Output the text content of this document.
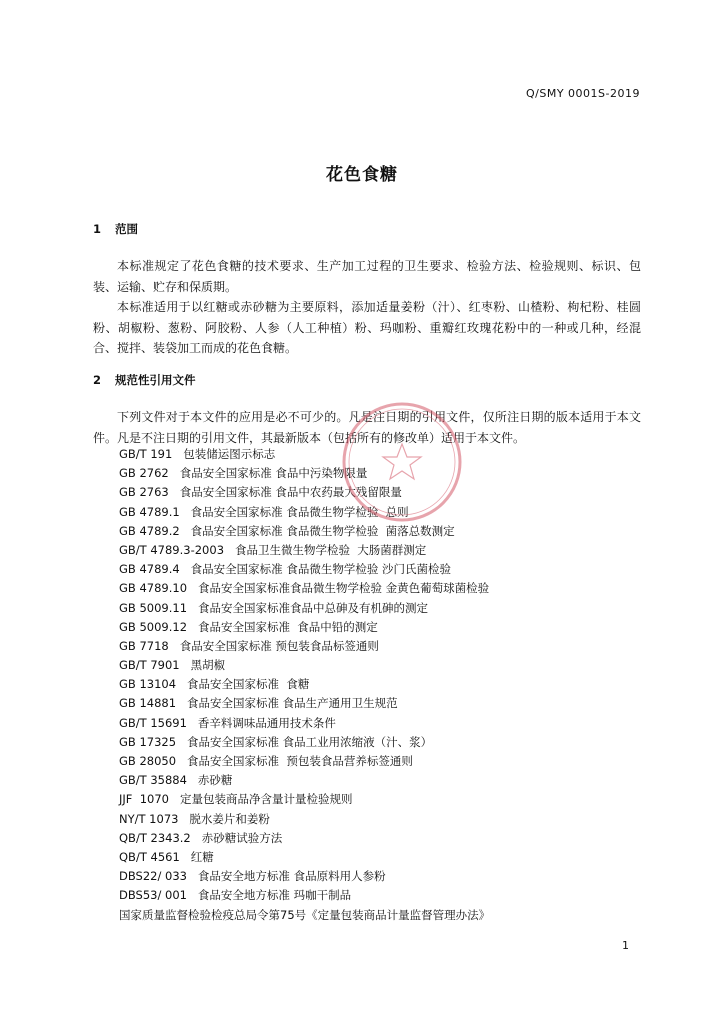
Q/SMY 0001S-2019
花色食糖
1 范围
本标准规定了花色食糖的技术要求、生产加工过程的卫生要求、检验方法、检验规则、标识、包装、运输、贮存和保质期。
本标准适用于以红糖或赤砂糖为主要原料，添加适量姜粉（汁）、红枣粉、山楂粉、枸杞粉、桂圆粉、胡椒粉、葱粉、阿胶粉、人参（人工种植）粉、玛咖粉、重瓣红玫瑰花粉中的一种或几种，经混合、搅拌、装袋加工而成的花色食糖。
2 规范性引用文件
下列文件对于本文件的应用是必不可少的。凡是注日期的引用文件，仅所注日期的版本适用于本文件。凡是不注日期的引用文件，其最新版本（包括所有的修改单）适用于本文件。
GB/T 191   包装储运图示标志
GB 2762   食品安全国家标准 食品中污染物限量
GB 2763   食品安全国家标准 食品中农药最大残留限量
GB 4789.1   食品安全国家标准 食品微生物学检验  总则
GB 4789.2   食品安全国家标准 食品微生物学检验  菌落总数测定
GB/T 4789.3-2003   食品卫生微生物学检验  大肠菌群测定
GB 4789.4   食品安全国家标准 食品微生物学检验 沙门氏菌检验
GB 4789.10   食品安全国家标准食品微生物学检验 金黄色葡萄球菌检验
GB 5009.11   食品安全国家标准食品中总砷及有机砷的测定
GB 5009.12   食品安全国家标准  食品中铅的测定
GB 7718   食品安全国家标准 预包装食品标签通则
GB/T 7901   黑胡椒
GB 13104   食品安全国家标准  食糖
GB 14881   食品安全国家标准 食品生产通用卫生规范
GB/T 15691   香辛料调味品通用技术条件
GB 17325   食品安全国家标准 食品工业用浓缩液（汁、浆）
GB 28050   食品安全国家标准  预包装食品营养标签通则
GB/T 35884   赤砂糖
JJF  1070   定量包装商品净含量计量检验规则
NY/T 1073   脱水姜片和姜粉
QB/T 2343.2   赤砂糖试验方法
QB/T 4561   红糖
DBS22/ 033   食品安全地方标准 食品原料用人参粉
DBS53/ 001   食品安全地方标准 玛咖干制品
国家质量监督检验检疫总局令第75号《定量包装商品计量监督管理办法》
1
